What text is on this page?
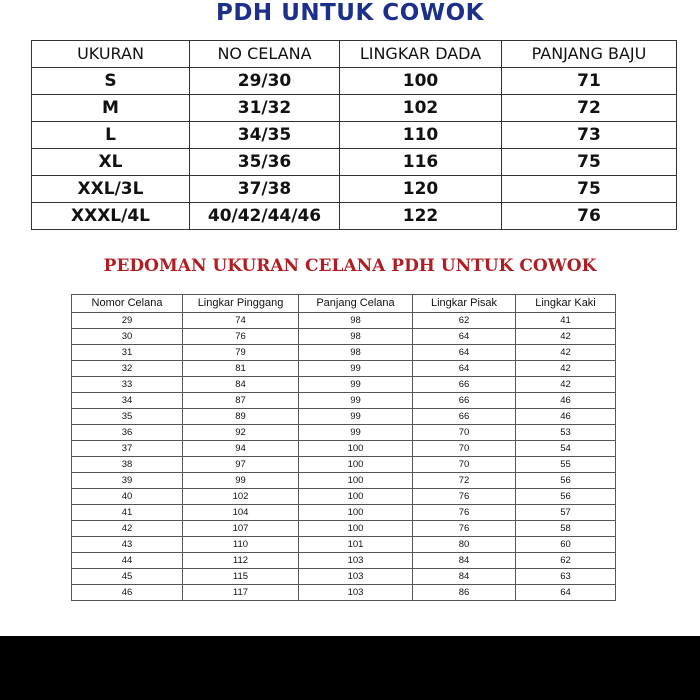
PDH UNTUK COWOK
UKURAN	NO CELANA	LINGKAR DADA	PANJANG BAJU
S	29/30	100	71
M	31/32	102	72
L	34/35	110	73
XL	35/36	116	75
XXL/3L	37/38	120	75
XXXL/4L	40/42/44/46	122	76
PEDOMAN UKURAN CELANA PDH UNTUK COWOK
Nomor Celana	Lingkar Pinggang	Panjang Celana	Lingkar Pisak	Lingkar Kaki
29	74	98	62	41
30	76	98	64	42
31	79	98	64	42
32	81	99	64	42
33	84	99	66	42
34	87	99	66	46
35	89	99	66	46
36	92	99	70	53
37	94	100	70	54
38	97	100	70	55
39	99	100	72	56
40	102	100	76	56
41	104	100	76	57
42	107	100	76	58
43	110	101	80	60
44	112	103	84	62
45	115	103	84	63
46	117	103	86	64
